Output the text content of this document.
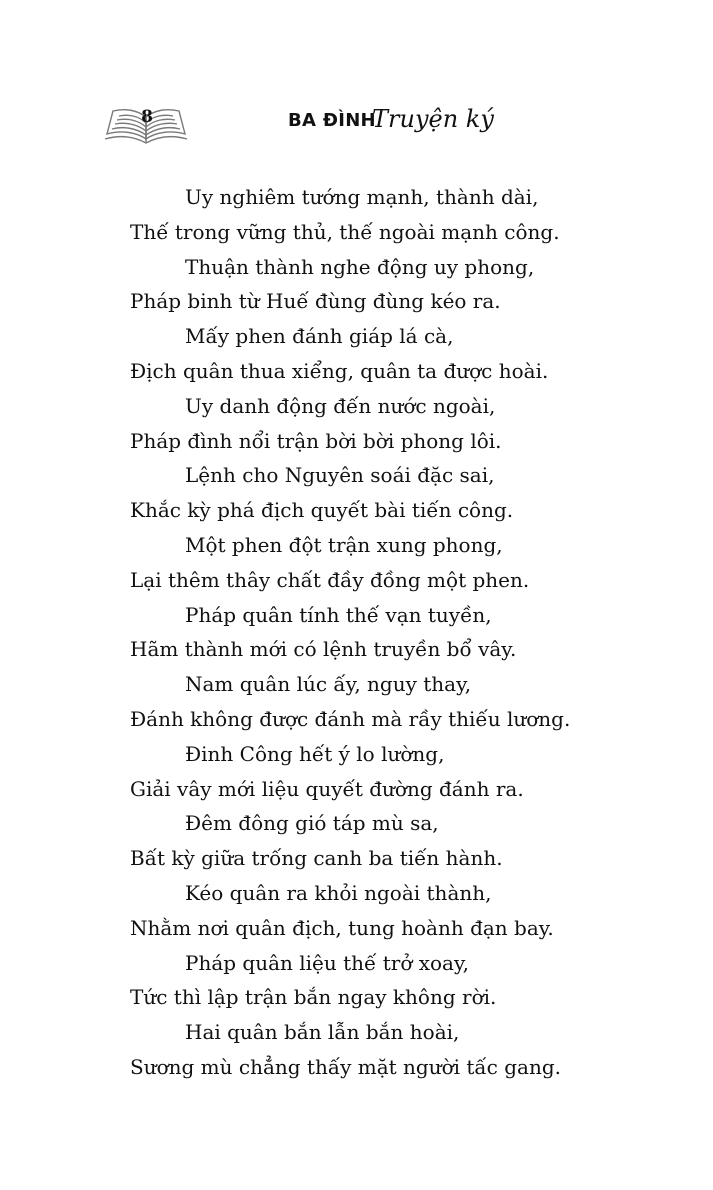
8	BA ĐÌNH
Truyện ký
Uy nghiêm tướng mạnh, thành dài,
Thế trong vững thủ, thế ngoài mạnh công.
Thuận thành nghe động uy phong,
Pháp binh từ Huế đùng đùng kéo ra.
Mấy phen đánh giáp lá cà,
Địch quân thua xiểng, quân ta được hoài.
Uy danh động đến nước ngoài,
Pháp đình nổi trận bời bời phong lôi.
Lệnh cho Nguyên soái đặc sai,
Khắc kỳ phá địch quyết bài tiến công.
Một phen đột trận xung phong,
Lại thêm thây chất đầy đồng một phen.
Pháp quân tính thế vạn tuyền,
Hãm thành mới có lệnh truyền bổ vây.
Nam quân lúc ấy, nguy thay,
Đánh không được đánh mà rầy thiếu lương.
Đinh Công hết ý lo lường,
Giải vây mới liệu quyết đường đánh ra.
Đêm đông gió táp mù sa,
Bất kỳ giữa trống canh ba tiến hành.
Kéo quân ra khỏi ngoài thành,
Nhằm nơi quân địch, tung hoành đạn bay.
Pháp quân liệu thế trở xoay,
Tức thì lập trận bắn ngay không rời.
Hai quân bắn lẫn bắn hoài,
Sương mù chẳng thấy mặt người tấc gang.
